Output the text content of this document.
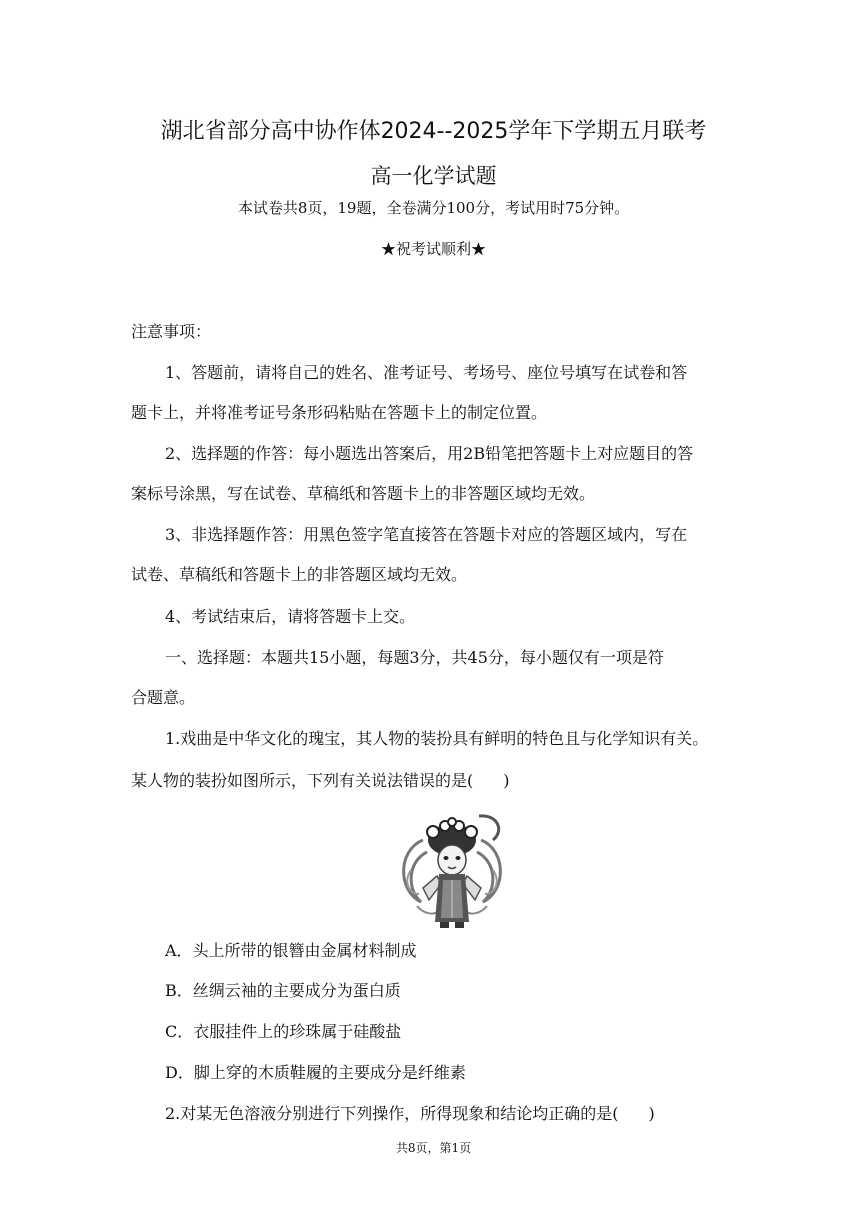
湖北省部分高中协作体2024--2025学年下学期五月联考
高一化学试题
本试卷共8页，19题，全卷满分100分，考试用时75分钟。
★祝考试顺利★
注意事项：
1、答题前，请将自己的姓名、准考证号、考场号、座位号填写在试卷和答
题卡上，并将准考证号条形码粘贴在答题卡上的制定位置。
2、选择题的作答：每小题选出答案后，用2B铅笔把答题卡上对应题目的答
案标号涂黑，写在试卷、草稿纸和答题卡上的非答题区域均无效。
3、非选择题作答：用黑色签字笔直接答在答题卡对应的答题区域内，写在
试卷、草稿纸和答题卡上的非答题区域均无效。
4、考试结束后，请将答题卡上交。
一、选择题：本题共15小题，每题3分，共45分，每小题仅有一项是符
合题意。
1.戏曲是中华文化的瑰宝，其人物的装扮具有鲜明的特色且与化学知识有关。
某人物的装扮如图所示，下列有关说法错误的是( )
A．头上所带的银簪由金属材料制成
B．丝绸云袖的主要成分为蛋白质
C．衣服挂件上的珍珠属于硅酸盐
D．脚上穿的木质鞋履的主要成分是纤维素
2.对某无色溶液分别进行下列操作，所得现象和结论均正确的是( )
共8页，第1页
